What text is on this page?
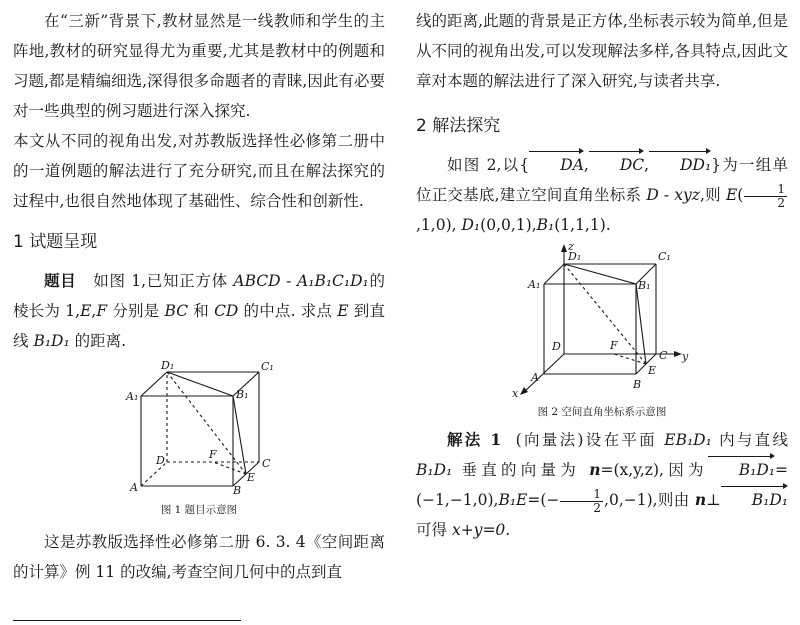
在“三新”背景下,教材显然是一线教师和学生的主阵地,教材的研究显得尤为重要,尤其是教材中的例题和习题,都是精编细选,深得很多命题者的青睐,因此有必要对一些典型的例习题进行深入探究.

本文从不同的视角出发,对苏教版选择性必修第二册中的一道例题的解法进行了充分研究,而且在解法探究的过程中,也很自然地体现了基础性、综合性和创新性.

1 试题呈现

题目 如图 1,已知正方体 ABCD - A₁B₁C₁D₁的棱长为 1,E,F 分别是 BC 和 CD 的中点. 求点 E 到直线 B₁D₁ 的距离.

A	B
C
D
A₁	B₁
C₁
D₁
E
F

图 1 题目示意图

这是苏教版选择性必修第二册 6. 3. 4《空间距离的计算》例 11 的改编,考查空间几何中的点到直

线的距离,此题的背景是正方体,坐标表示较为简单,但是从不同的视角出发,可以发现解法多样,各具特点,因此文章对本题的解法进行了深入研究,与读者共享.

2 解法探究

如图 2,以{ DA, DC, DD₁}为一组单位正交基底,建立空间直角坐标系 D - xyz,则 $E( \frac{1}{2}$
,1,0), D₁(0,0,1),B₁(1,1,1).

z
y
x
A
B
C
D
A₁	B₁
C₁
D₁
E
F

图 2 空间直角坐标系示意图

解法 1 (向量法)设在平面 EB₁D₁ 内与直线 B₁D₁ 垂直的向量为 n=(x,y,z),因为 $B_1D_1=(-1,-1,0),B_1E=(- \frac{1}{2} ,0,-1)$,则由 n⊥ B₁D₁可得 x+y=0.
